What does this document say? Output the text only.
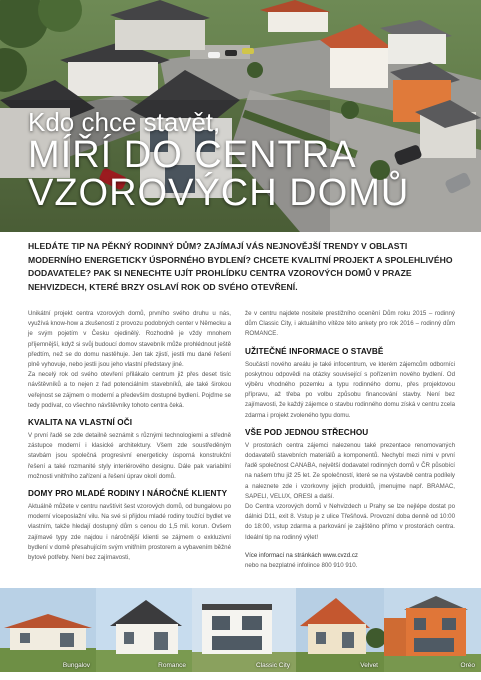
Kdo chce stavět,
MÍŘÍ DO CENTRA
VZOROVÝCH DOMŮ
HLEDÁTE TIP NA PĚKNÝ RODINNÝ DŮM? ZAJÍMAJÍ VÁS NEJNOVĚJŠÍ TRENDY V OBLASTI MODERNÍHO ENERGETICKY ÚSPORNÉHO BYDLENÍ? CHCETE KVALITNÍ PROJEKT A SPOLEHLIVÉHO DODAVATELE? PAK SI NENECHTE UJÍT PROHLÍDKU CENTRA VZOROVÝCH DOMŮ V PRAZE NEHVIZDECH, KTERÉ BRZY OSLAVÍ ROK OD SVÉHO OTEVŘENÍ.

Unikátní projekt centra vzorových domů, prvního svého druhu u nás, využívá know-how a zkušeností z provozu podobných center v Německu a je svým pojetím v Česku ojedinělý. Rozhodně je vždy mnohem příjemnější, když si svůj budoucí domov stavebník může prohlédnout ještě předtím, než se do domu nastěhuje. Jen tak zjistí, jestli mu dané řešení plně vyhovuje, nebo jestli jsou jeho vlastní představy jiné.

Za necelý rok od svého otevření přilákalo centrum již přes deset tisíc návštěvníků a to nejen z řad potenciálním stavebníků, ale také širokou veřejnost se zájmem o moderní a především dostupné bydlení. Pojďme se tedy podívat, co všechno návštěvníky tohoto centra čeká.

KVALITA NA VLASTNÍ OČI

V první řadě se zde detailně seznámit s různými technologiemi a středně zástupce moderní i klasické architektury. Všem zde soustředěným stavbám jsou společná progresivní energeticky úsporná konstrukční řešení a také rozmanité styly interiérového designu. Dále pak variabilní možnosti vnitřního zařízení a řešení úprav okolí domů.

DOMY PRO MLADÉ RODINY I NÁROČNÉ KLIENTY

Aktuálně můžete v centru navštívit šest vzorových domů, od bungalovu po moderní víceposlažní vilu. Na své si přijdou mladé rodiny toužící bydlet ve vlastním, takže hledají dostupný dům s cenou do 1,5 mil. korun. Ovšem zajímavé typy zde najdou i náročnější klienti se zájmem o exkluzivní bydlení v domě přesahujícím svým vnitřním prostorem a vybavením běžné bytové potřeby. Není bez zajímavosti,

že v centru najdete nositele prestižního ocenění Dům roku 2015 – rodinný dům Classic City, i aktuálního vítěze této ankety pro rok 2016 – rodinný dům ROMANCE.

UŽITEČNÉ INFORMACE O STAVBĚ

Součástí nového areálu je také infocentrum, ve kterém zájemcům odborníci poskytnou odpovědi na otázky související s pořízením nového bydlení. Od výběru vhodného pozemku a typu rodinného domu, přes projektovou přípravu, až třeba po volbu způsobu financování stavby. Není bez zajímavosti, že každý zájemce o stavbu rodinného domu získá v centru zcela zdarma i projekt zvoleného typu domu.

VŠE POD JEDNOU STŘECHOU

V prostorách centra zájemci nalezenou také prezentace renomovaných dodavatelů stavebních materiálů a komponentů. Nechybí mezi nimi v první řadě společnost CANABA, největší dodavatel rodinných domů v ČR působící na našem trhu již 25 let. Ze společností, které se na výstavbě centra podílely a naleznete zde i vzorkovny jejich produktů, jmenujme např. BRAMAC, SAPELI, VELUX, ORESI a další.

Do Centra vzorových domů v Nehvizdech u Prahy se lze nejlépe dostat po dálnici D11, exit 8. Vstup je z ulice Třešňová. Provozní doba denně od 10:00 do 18:00, vstup zdarma a parkování je zajištěno přímo v prostorách centra. Ideální tip na rodinný výlet!

Více informací na stránkách www.cvzd.cz

nebo na bezplatné infolince 800 910 910.

Bungalov	Romance	Classic City	Velvet	Oréo
